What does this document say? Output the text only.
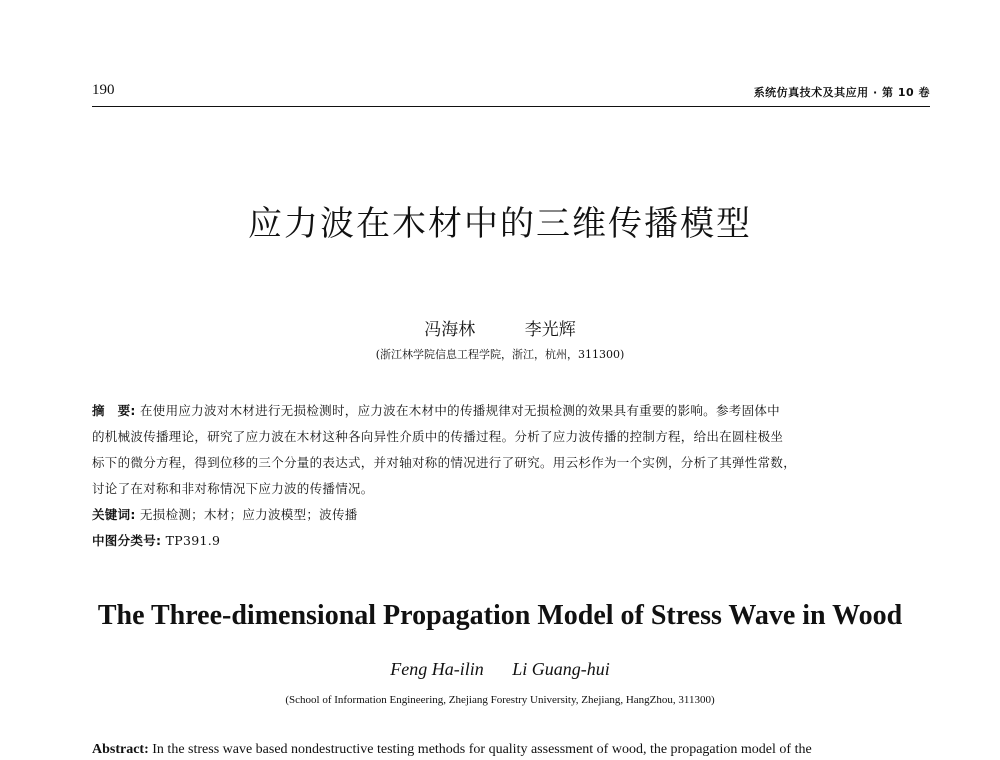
190	系统仿真技术及其应用 · 第 10 卷
应力波在木材中的三维传播模型
冯海林	李光辉
(浙江林学院信息工程学院，浙江，杭州，311300)
摘　要: 在使用应力波对木材进行无损检测时，应力波在木材中的传播规律对无损检测的效果具有重要的影响。参考固体中
的机械波传播理论，研究了应力波在木材这种各向异性介质中的传播过程。分析了应力波传播的控制方程，给出在圆柱极坐
标下的微分方程，得到位移的三个分量的表达式，并对轴对称的情况进行了研究。用云杉作为一个实例，分析了其弹性常数，
讨论了在对称和非对称情况下应力波的传播情况。
关键词: 无损检测；木材；应力波模型；波传播
中图分类号: TP391.9
The Three-dimensional Propagation Model of Stress Wave in Wood
Feng Ha-ilin Li Guang-hui
(School of Information Engineering, Zhejiang Forestry University, Zhejiang, HangZhou, 311300)
Abstract: In the stress wave based nondestructive testing methods for quality assessment of wood, the propagation model of the
